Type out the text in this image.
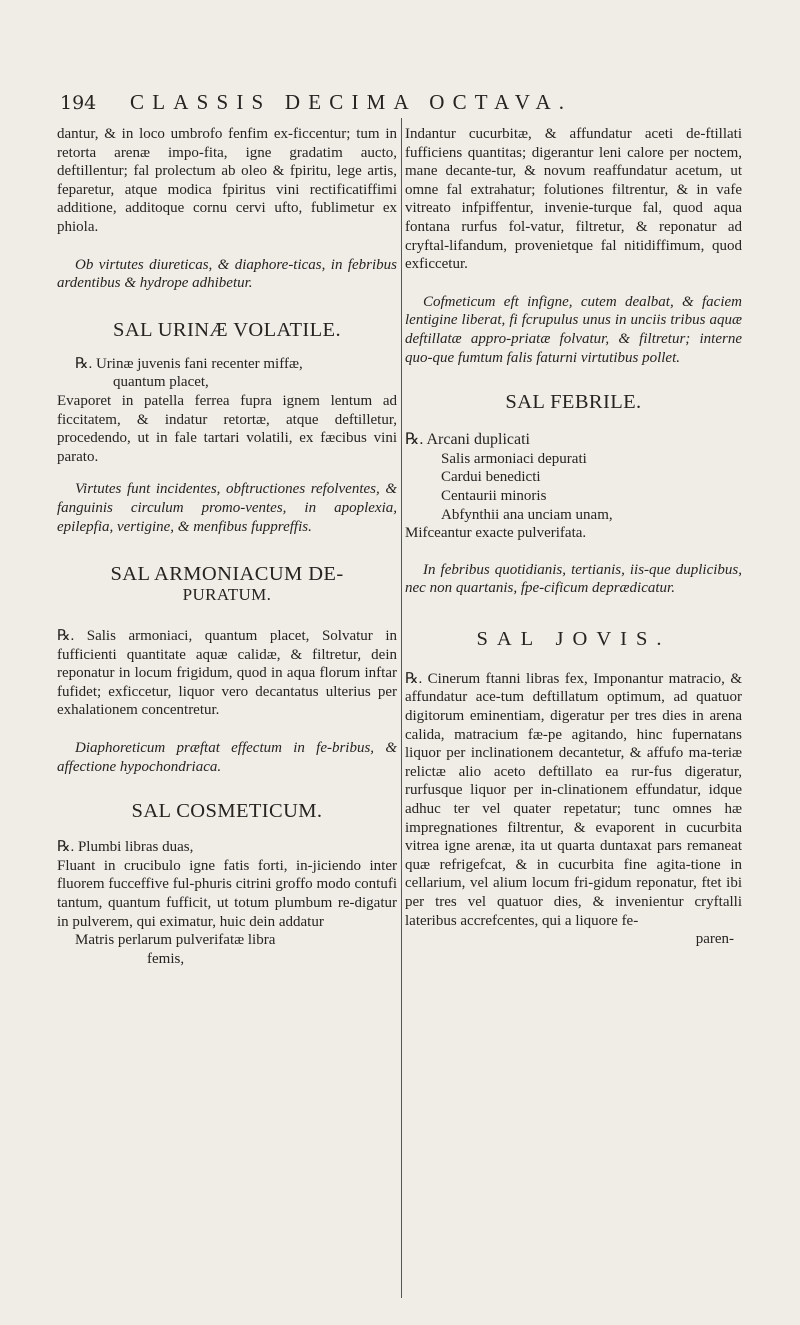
194 CLASSIS DECIMA OCTAVA.

dantur, & in loco umbrofo fenfim ex-ficcentur; tum in retorta arenæ impo-fita, igne gradatim aucto, deftillentur; fal prolectum ab oleo & fpiritu, lege artis, feparetur, atque modica fpiritus vini rectificatiffimi additione, additoque cornu cervi ufto, fublimetur ex phiola.

Ob virtutes diureticas, & diaphore-ticas, in febribus ardentibus & hydrope adhibetur.

SAL URINÆ VOLATILE.

℞. Urinæ juvenis fani recenter miffæ,

quantum placet,

Evaporet in patella ferrea fupra ignem lentum ad ficcitatem, & indatur retortæ, atque deftilletur, procedendo, ut in fale tartari volatili, ex fæcibus vini parato.

Virtutes funt incidentes, obftructiones refolventes, & fanguinis circulum promo-ventes, in apoplexia, epilepfia, vertigine, & menfibus fuppreffis.

SAL ARMONIACUM DE-

PURATUM.

℞. Salis armoniaci, quantum placet, Solvatur in fufficienti quantitate aquæ calidæ, & filtretur, dein reponatur in locum frigidum, quod in aqua florum inftar fufidet; exficcetur, liquor vero decantatus ulterius per exhalationem concentretur.

Diaphoreticum præftat effectum in fe-bribus, & affectione hypochondriaca.

SAL COSMETICUM.

℞. Plumbi libras duas,

Fluant in crucibulo igne fatis forti, in-jiciendo inter fluorem fucceffive ful-phuris citrini groffo modo contufi tantum, quantum fufficit, ut totum plumbum re-digatur in pulverem, qui eximatur, huic dein addatur

Matris perlarum pulverifatæ libra

femis,

Indantur cucurbitæ, & affundatur aceti de-ftillati fufficiens quantitas; digerantur leni calore per noctem, mane decante-tur, & novum reaffundatur acetum, ut omne fal extrahatur; folutiones filtrentur, & in vafe vitreato infpiffentur, invenie-turque fal, quod aqua fontana rurfus fol-vatur, filtretur, & reponatur ad cryftal-lifandum, provenietque fal nitidiffimum, quod exficcetur.

Cofmeticum eft infigne, cutem dealbat, & faciem lentigine liberat, fi fcrupulus unus in unciis tribus aquæ deftillatæ appro-priatæ folvatur, & filtretur; interne quo-que fumtum falis faturni virtutibus pollet.

SAL FEBRILE.

℞. Arcani duplicati

Salis armoniaci depurati

Cardui benedicti

Centaurii minoris

Abfynthii ana unciam unam,

Mifceantur exacte pulverifata.

In febribus quotidianis, tertianis, iis-que duplicibus, nec non quartanis, fpe-cificum deprædicatur.

SAL JOVIS.

℞. Cinerum ftanni libras fex, Imponantur matracio, & affundatur ace-tum deftillatum optimum, ad quatuor digitorum eminentiam, digeratur per tres dies in arena calida, matracium fæ-pe agitando, hinc fupernatans liquor per inclinationem decantetur, & affufo ma-teriæ relictæ alio aceto deftillato ea rur-fus digeratur, rurfusque liquor per in-clinationem effundatur, idque adhuc ter vel quater repetatur; tunc omnes hæ impregnationes filtrentur, & evaporent in cucurbita vitrea igne arenæ, ita ut quarta duntaxat pars remaneat quæ refrigefcat, & in cucurbita fine agita-tione in cellarium, vel alium locum fri-gidum reponatur, ftet ibi per tres vel quatuor dies, & invenientur cryftalli lateribus accrefcentes, qui a liquore fe-

paren-
